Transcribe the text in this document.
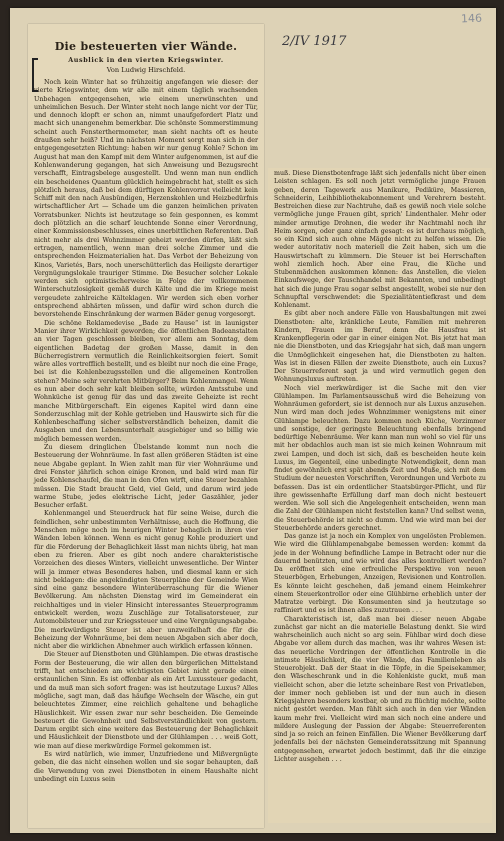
146
2/IV 1917
Die besteuerten vier Wände.
Ausblick in den vierten Kriegswinter.
Von Ludwig Hirschfeld.

Noch kein Winter hat so frühzeitig angefangen wie dieser: der vierte Kriegswinter, dem wir alle mit einem täglich wachsenden Unbehagen entgegensehen, wie einem unerwünschten und unheimlichen Besuch. Der Winter steht noch lange nicht vor der Tür, und dennoch klopft er schon an, nimmt unaufgefordert Platz und macht sich unangenehm bemerkbar. Die schönste Sommerstimmung scheint auch Fensterthermometer, man sieht nachts oft es heute draußen sehr heiß? Und im nächsten Moment sorgt man sich in der entgegengesetzten Richtung: haben wir nur genug Kohle? Schon im August hat man den Kampf mit dem Winter aufgenommen, ist auf die Kohlenwanderung gegangen, hat sich Anweisung und Bezugsrecht verschafft, Eintragsbelege ausgestellt. Und wenn man nun endlich ein bescheidenes Quantum glücklich heimgebracht hat, stellt es sich plötzlich heraus, daß bei dem dürftigen Kohlenvorrat vielleicht kein Schiff mit den nach Ausbündigen, Herzenskohlen und Heizbedürfnis wirtschaftlicher Art — Schade um die ganzen heimlichen privaten Vorratsbunker. Nichts ist heutzutage so fein gesponnen, es kommt doch plötzlich an die scharf leuchtende Sonne einer Verordnung, einer Kommissionsbeschlusses, eines unerbittlichen Referenten. Daß nicht mehr als drei Wohnzimmer geheizt werden dürfen, läßt sich ertragen, namentlich, wenn man drei solche Zimmer und die entsprechenden Heizmaterialien hat. Das Verbot der Beheizung von Kinos, Varietés, Bars, noch unerschütterlich das Heiligste derartiger Vergnügungslokale trauriger Stimme. Die Besucher solcher Lokale werden sich optimistischerweise in Folge der vollkommenen Winterschutzlosigkeit gemäß durch Kälte und die im Kriege meist vergeudete zahlreiche Kälteklagen. Wir werden sich eben vorher entsprechend abhärten müssen, und dafür wird schon durch die bevorstehende Einschränkung der warmen Bäder genug vorgesorgt.

Die schöne Reklamedevise „Bade zu Hause“ ist in launigster Manier ihrer Wirklichkeit geworden; die öffentlichen Badeanstalten an vier Tagen geschlossen bleiben, vor allem am Sonntag, dem eigentlichen Badetag der großen Masse, damit in den Bücherregistrern vermutlich die Reinlichkeitsorgien feiert. Somit wäre alles vortrefflich bestellt, und es bleibt nur noch die eine Frage, bei ist die Kohlenbezugsstellen und die allgemeinen Kontrollen stehen? Meine sehr verehrten Mitbürger? Beim Kohlenmangel. Wenn es nun aber doch sehr kalt bleiben sollte, würden Amtsstube und Wohnküche ist genug für das und das zweite Geheizte ist recht manche Mitbürgerschaft. Ein eigenes Kapitel wird dann eine Sonderzuschlag mit der Kohle getrieben und Hauswirte sich für die Kohlenbeschaffung sicher selbstverständlich beheizen, damit die Ausgaben und den Lebensunterhalt ausgiebiger und so billig wie möglich bemessen werden.

Zu diesem dringlichen Übelstande kommt nun noch die Besteuerung der Wohnräume. In fast allen größeren Städten ist eine neue Abgabe geplant. In Wien zahlt man für vier Wohnräume und drei Fenster jährlich schon einige Kronen, und bald wird man für jede Kohlenschaufel, die man in den Ofen wirft, eine Steuer bezahlen müssen. Die Stadt braucht Geld, viel Geld, und darum wird jede warme Stube, jedes elektrische Licht, jeder Gaszähler, jeder Besucher erfaßt.

Kohlenmangel und Steuerdruck hat für seine Weise, durch die feindlichen, sehr unbestimmten Verhältnisse, auch die Hoffnung, die Menschen möge noch im heurigen Winter behaglich in ihren vier Wänden leben können. Wenn es nicht genug Kohle produziert und für die Förderung der Behaglichkeit lässt man nichts übrig, hat man eben zu frieren. Aber es gibt noch andere charakteristische Vorzeichen des dieses Winters, vielleicht unwesentliche. Der Winter will ja immer etwas Besonderes haben, und diesmal kann er sich nicht beklagen: die angekündigten Steuerpläne der Gemeinde Wien sind eine ganz besondere Winterüberraschung für die Wiener Bevölkerung. Am nächsten Dienstag wird im Gemeinderat ein reichhaltiges und in vieler Hinsicht interessantes Steuerprogramm entwickelt werden, wozu Zuschläge zur Totalisatorsteuer, zur Automobilsteuer und zur Kriegssteuer und eine Vergnügungsabgabe. Die merkwürdigste Steuer ist aber unzweifelhaft die für die Beheizung der Wohnräume, bei dem neuen Abgaben sich aber doch, nicht aber die wirklichen Abnehmer auch wirklich erfassen können.

Die Steuer auf Dienstboten und Glühlampen. Die etwas drastische Form der Besteuerung, die wir allen den bürgerlichen Mittelstand trifft, hat entschieden am wichtigsten Gebiet nicht gerade einen erstaunlichen Sinn. Es ist offenbar als ein Art Luxussteuer gedacht, und da muß man sich sofort fragen: was ist heutzutage Luxus? Alles mögliche, sagt man, daß das häufige Wechseln der Wäsche, ein gut beleuchtetes Zimmer, eine reichlich gehaltene und behagliche Häuslichkeit. Wir essen zwar nur sehr bescheiden. Die Gemeinde besteuert die Gewohnheit und Selbstverständlichkeit von gestern. Darum ergibt sich eine weitere das Besteuerung der Behaglichkeit und Häuslichkeit der Dienstbote und der Glühlampen . . . weiß Gott, wie man auf diese merkwürdige Formel gekommen ist.

Es wird natürlich, wie immer, Unzufriedene und Mißvergnügte geben, die das nicht einsehen wollen und sie sogar behaupten, daß die Verwendung von zwei Dienstboten in einem Haushalte nicht unbedingt ein Luxus sein

muß. Diese Dienstbotenfrage läßt sich jedenfalls nicht über einen Leisten schlagen. Es soll noch jetzt vermögliche junge Frauen geben, deren Tagewerk aus Manikure, Pediküre, Massieren, Schneiderin, Leihbibliothekabonnement und Verehrern besteht. Bestreichen diese zur Nachtruhe, daß es gewiß noch viele solche vermögliche junge Frauen gibt, sprich' Lindenthaler. Mehr oder minder armutige Drohnen, die weder ihr Nachtmahl noch ihr Heim sorgen, oder ganz einfach gesagt: es ist durchaus möglich, so ein Kind sich auch ohne Mägde nicht zu helfen wissen. Die weder autoritativ noch materiell die Zeit haben, sich um die Hauswirtschaft zu kümmern. Die Steuer ist bei Herrschaften wohl ziemlich hoch. Aber eine Frau, die Küche und Stubenmädchen auskommen können: das Anstellen, die vielen Einkaufswege, der Tauschhandel mit Bekannten, und unbedingt hat sich die junge Frau sogar selbst angestellt, wobei sie nur den Schnupftal verschwendet: die Spezialitätentiefkrast und dem Kohlenamt.

Es gibt aber noch andere Fälle von Hausbaltungen mit zwei Dienstboten: alte, kränkliche Leute, Familien mit mehreren Kindern, Frauen im Beruf, denn die Hausfrau ist Krankenpflegerin oder gar in einer einigen Not. Bis jetzt hat man nie die Dienstboten, und das Kriegsjahr hat sich, daß man ungern die Unmöglichkeit eingesehen hat, die Dienstboten zu halten. Was ist in diesen Fällen der zweite Dienstbote, auch ein Luxus? Der Steuerreferent sagt ja und wird vermutlich gegen den Wohnungsluxus auftreten.

Noch viel merkwürdiger ist die Sache mit den vier Glühlampen. Im Parlamentsausschuß wird die Beheizung von Wohnräumen gefordert, sie ist dennoch nur als Luxus anzusehen. Nun wird man doch jedes Wohnzimmer wenigstens mit einer Glühlampe beleuchten. Dazu kommen noch Küche, Vorzimmer und sonstige, der geringste Beleuchtung ebenfalls bringend bedürftige Nebenräume. Wer kann man nun wohl so viel für uns mit her obdachlos auch man ist sie mich keinen Wohnraum mit zwei Lampen, und doch ist sich, daß es bescheiden heute kein Luxus, im Gegenteil, eine unbedingte Notwendigkeit, denn man findet gewöhnlich erst spät abends Zeit und Muße, sich mit dem Studium der neuesten Vorschriften, Verordnungen und Verbote zu befassen. Das ist ein ordentlicher Staatsbürger-Pflicht, und für ihre gewissenhafte Erfüllung darf man doch nicht besteuert werden. Wie soll sich die Angelegenheit entscheiden, wenn man die Zahl der Glühlampen nicht feststellen kann? Und selbst wenn, die Steuerbehörde ist nicht so dumm. Und wie wird man bei der Steuerbehörde anders gerechnet.

Das ganze ist ja noch ein Komplex von ungelösten Problemen. Wie wird die Glühlampenabgabe bemessen werden: kommt da jede in der Wohnung befindliche Lampe in Betracht oder nur die dauernd benützten, und wie wird das alles kontrolliert werden? Da eröffnet sich eine erfreuliche Perspektive von neuen Steuerbögen, Erhebungen, Anzeigen, Revisionen und Kontrollen. Es könnte leicht geschehen, daß jemand einem Heimkehrer einem Steuerkontrollor oder eine Glühbirne erheblich unter der Matratze verbirgt. Die Konsumenten sind ja heutzutage so raffiniert und es ist ihnen alles zuzutrauen . . .

Charakteristisch ist, daß man bei dieser neuen Abgabe zunächst gar nicht an die materielle Belastung denkt. Sie wird wahrscheinlich auch nicht so arg sein. Fühlbar wird doch diese Abgabe vor allem durch das machen, was ihr wahres Wesen ist: das neuerliche Vordringen der öffentlichen Kontrolle in die intimste Häuslichkeit, die vier Wände, das Familienleben als Steuerobjekt. Daß der Staat in die Töpfe, in die Speisekammer, den Wäscheschrank und in die Kohlenkiste guckt, muß man vielleicht schon, aber die letzte scheinbare Rest von Privatleben, der immer noch geblieben ist und der nun auch in diesen Kriegsjahren besonders kostbar, ob und zu flüchtig möchte, sollte nicht gestört werden. Man fühlt sich auch in den vier Wänden kaum mehr frei. Vielleicht wird man sich noch eine andere und mildere Auslegung der Passion der Abgabe: Steuerreferenten sind ja so reich an feinen Einfällen. Die Wiener Bevölkerung darf jedenfalls bei der nächsten Gemeinderatssitzung mit Spannung entgegensehen, erwartet jedoch bestimmt, daß ihr die einzige Lichter ausgehen . . .
